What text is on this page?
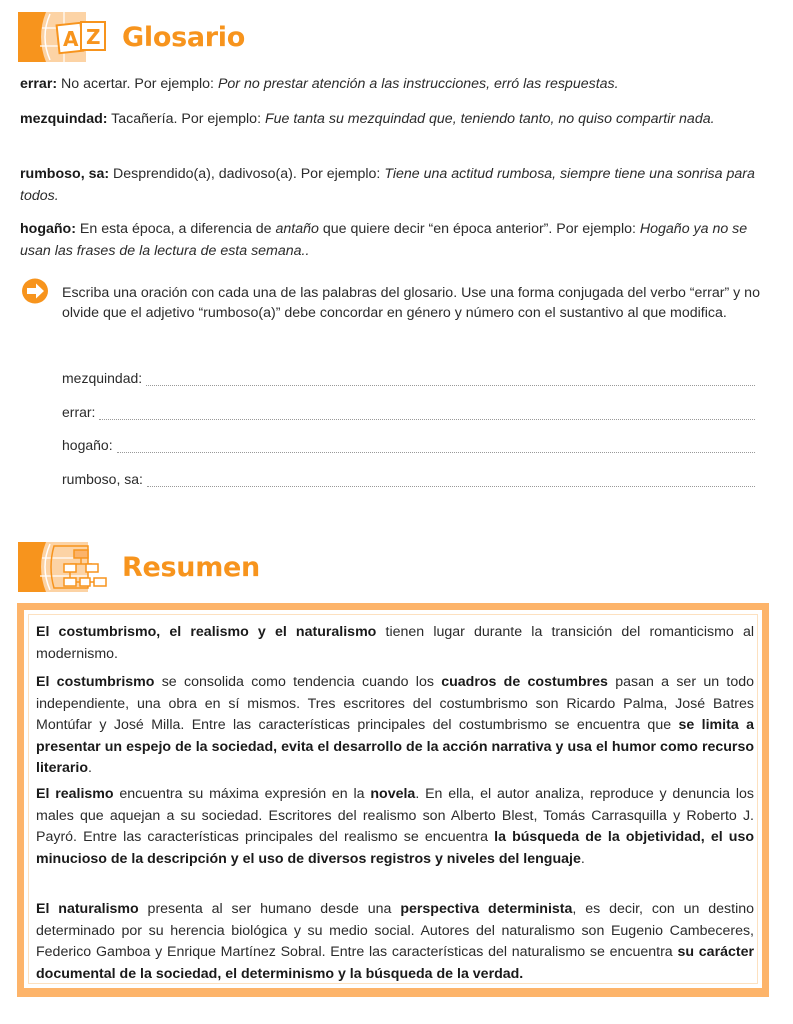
A Z Glosario

errar: No acertar. Por ejemplo: Por no prestar atención a las instrucciones, erró las respuestas.

mezquindad: Tacañería. Por ejemplo: Fue tanta su mezquindad que, teniendo tanto, no quiso compartir nada.

rumboso, sa: Desprendido(a), dadivoso(a). Por ejemplo: Tiene una actitud rumbosa, siempre tiene una sonrisa para todos.

hogaño: En esta época, a diferencia de antaño que quiere decir “en época anterior”. Por ejemplo: Hogaño ya no se usan las frases de la lectura de esta semana..

Escriba una oración con cada una de las palabras del glosario. Use una forma conjugada del verbo “errar” y no olvide que el adjetivo “rumboso(a)” debe concordar en género y número con el sustantivo al que modifica.
mezquindad:
errar:
hogaño:
rumboso, sa:
Resumen

El costumbrismo, el realismo y el naturalismo tienen lugar durante la transición del romanticismo al modernismo.

El costumbrismo se consolida como tendencia cuando los cuadros de costumbres pasan a ser un todo independiente, una obra en sí mismos. Tres escritores del costumbrismo son Ricardo Palma, José Batres Montúfar y José Milla. Entre las características principales del costumbrismo se encuentra que se limita a presentar un espejo de la sociedad, evita el desarrollo de la acción narrativa y usa el humor como recurso literario.

El realismo encuentra su máxima expresión en la novela. En ella, el autor analiza, reproduce y denuncia los males que aquejan a su sociedad. Escritores del realismo son Alberto Blest, Tomás Carrasquilla y Roberto J. Payró. Entre las características principales del realismo se encuentra la búsqueda de la objetividad, el uso minucioso de la descripción y el uso de diversos registros y niveles del lenguaje.

El naturalismo presenta al ser humano desde una perspectiva determinista, es decir, con un destino determinado por su herencia biológica y su medio social. Autores del naturalismo son Eugenio Cambeceres, Federico Gamboa y Enrique Martínez Sobral. Entre las características del naturalismo se encuentra su carácter documental de la sociedad, el determinismo y la búsqueda de la verdad.
